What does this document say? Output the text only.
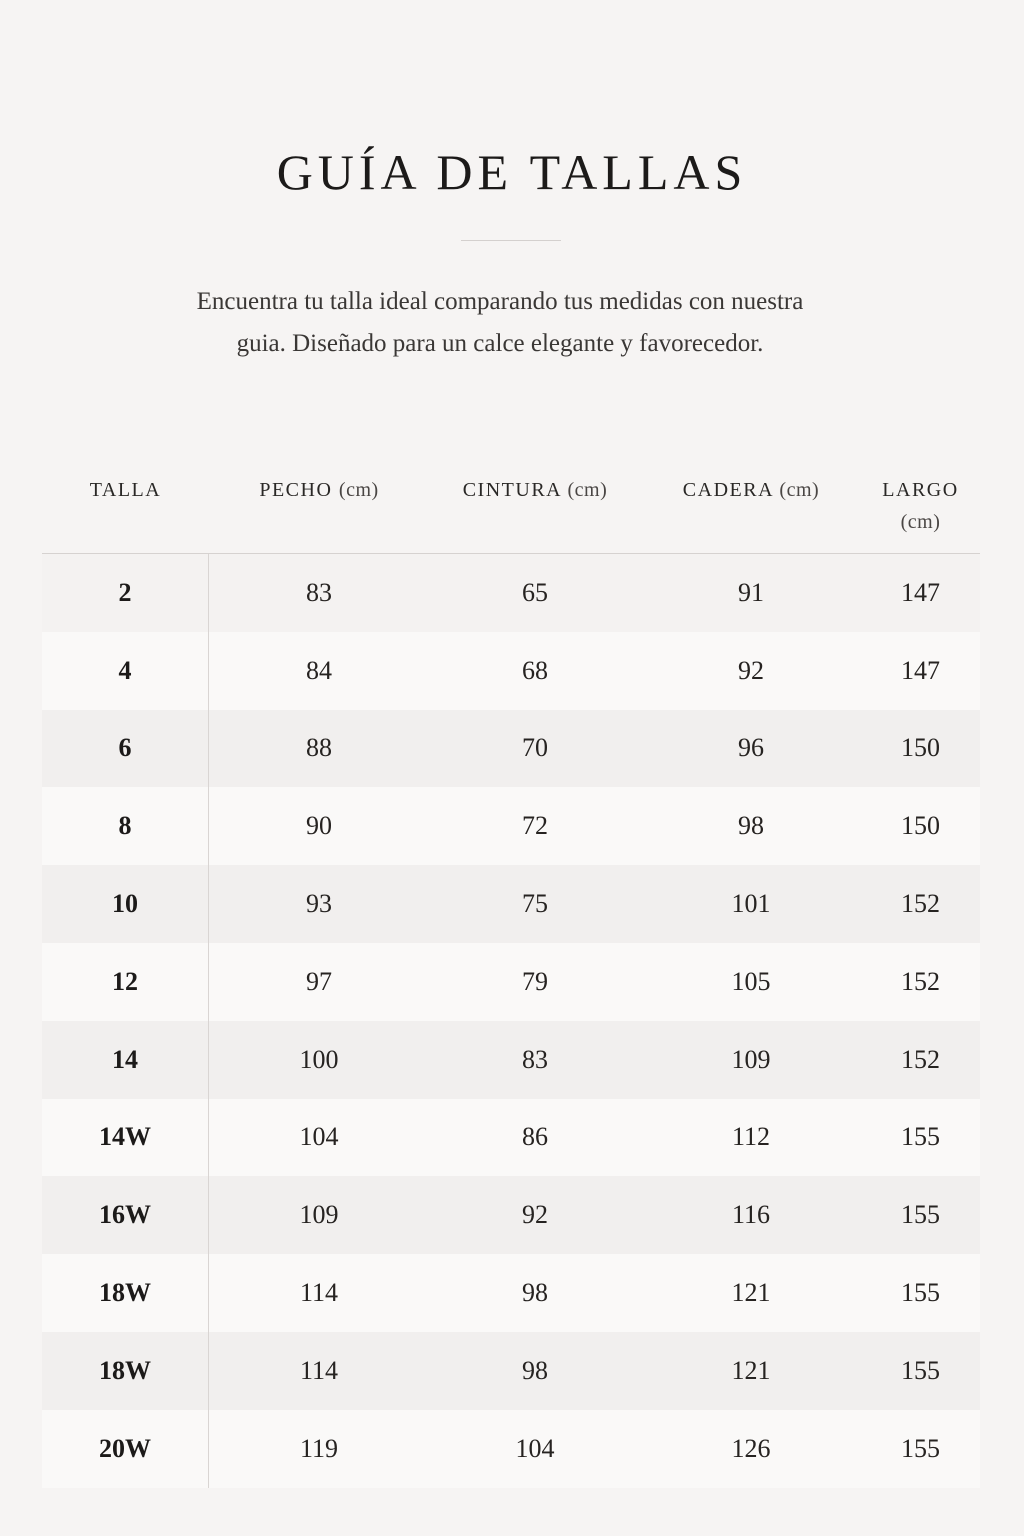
GUÍA DE TALLAS

Encuentra tu talla ideal comparando tus medidas con nuestra guia. Diseñado para un calce elegante y favorecedor.

TALLA	PECHO (cm)	CINTURA (cm)	CADERA (cm)	LARGO
(cm)
2	83	65	91	147
4	84	68	92	147
6	88	70	96	150
8	90	72	98	150
10	93	75	101	152
12	97	79	105	152
14	100	83	109	152
14W	104	86	112	155
16W	109	92	116	155
18W	114	98	121	155
18W	114	98	121	155
20W	119	104	126	155
